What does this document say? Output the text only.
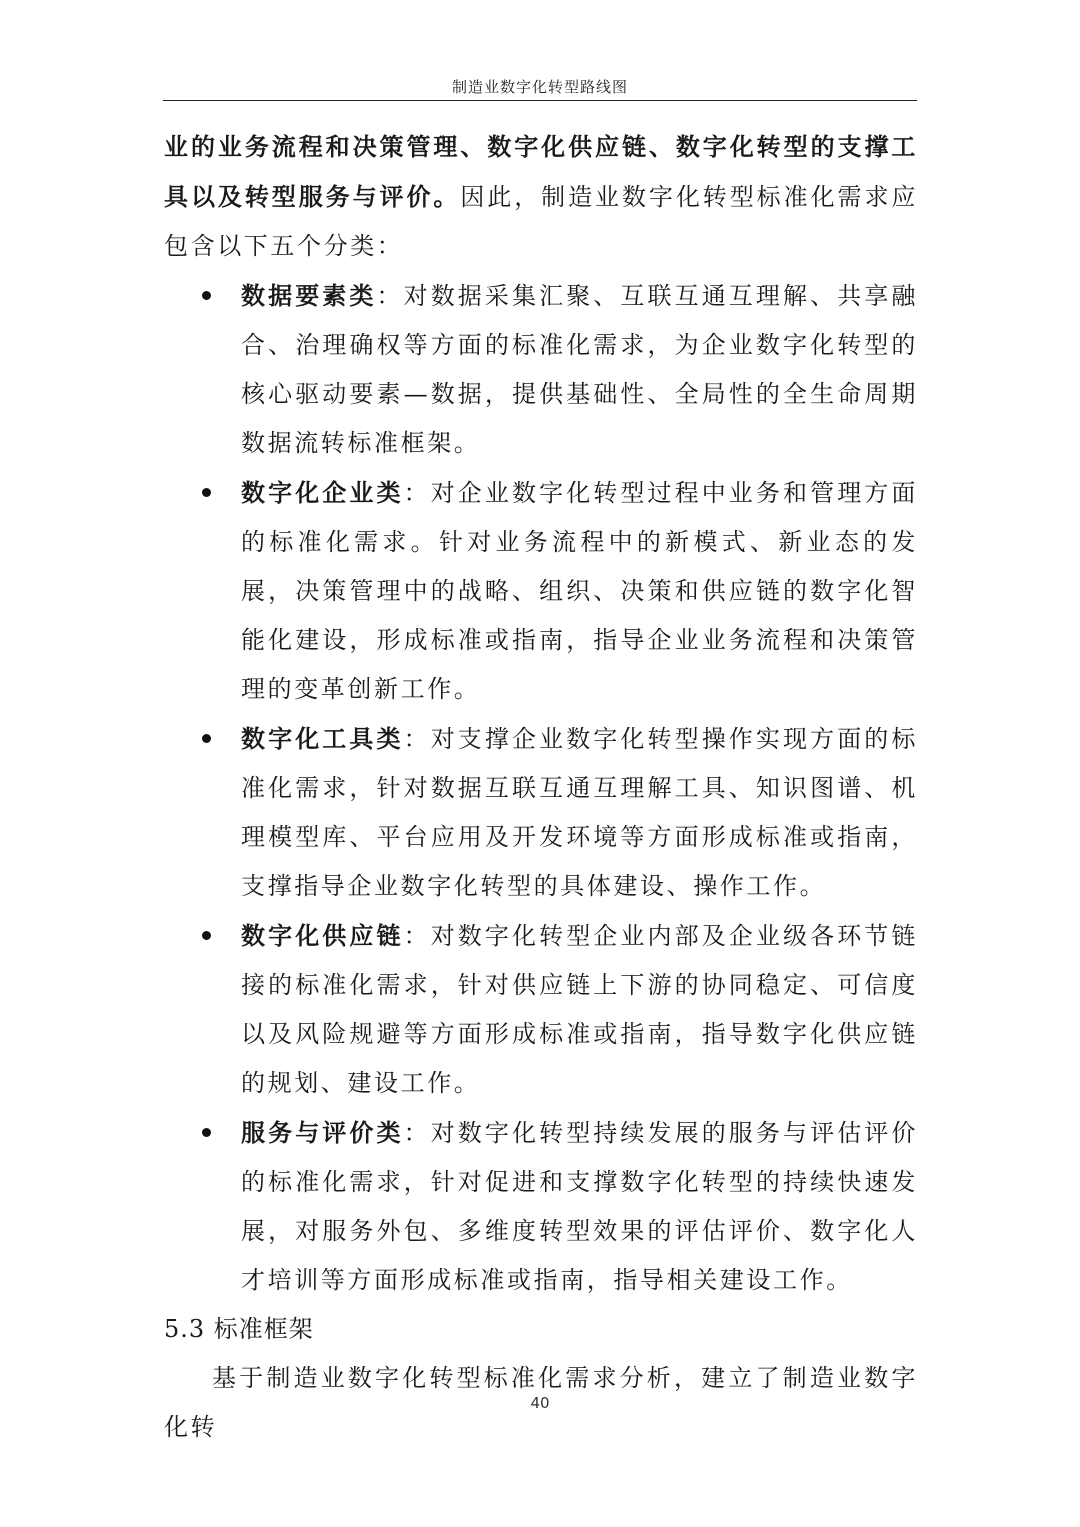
制造业数字化转型路线图

业的业务流程和决策管理、数字化供应链、数字化转型的支撑工具以及转型服务与评价。因此，制造业数字化转型标准化需求应包含以下五个分类：

数据要素类：对数据采集汇聚、互联互通互理解、共享融合、治理确权等方面的标准化需求，为企业数字化转型的核心驱动要素—数据，提供基础性、全局性的全生命周期数据流转标准框架。
数字化企业类：对企业数字化转型过程中业务和管理方面的标准化需求。针对业务流程中的新模式、新业态的发展，决策管理中的战略、组织、决策和供应链的数字化智能化建设，形成标准或指南，指导企业业务流程和决策管理的变革创新工作。
数字化工具类：对支撑企业数字化转型操作实现方面的标准化需求，针对数据互联互通互理解工具、知识图谱、机理模型库、平台应用及开发环境等方面形成标准或指南，支撑指导企业数字化转型的具体建设、操作工作。
数字化供应链：对数字化转型企业内部及企业级各环节链接的标准化需求，针对供应链上下游的协同稳定、可信度以及风险规避等方面形成标准或指南，指导数字化供应链的规划、建设工作。
服务与评价类：对数字化转型持续发展的服务与评估评价的标准化需求，针对促进和支撑数字化转型的持续快速发展，对服务外包、多维度转型效果的评估评价、数字化人才培训等方面形成标准或指南，指导相关建设工作。

5.3 标准框架

基于制造业数字化转型标准化需求分析，建立了制造业数字化转

40
